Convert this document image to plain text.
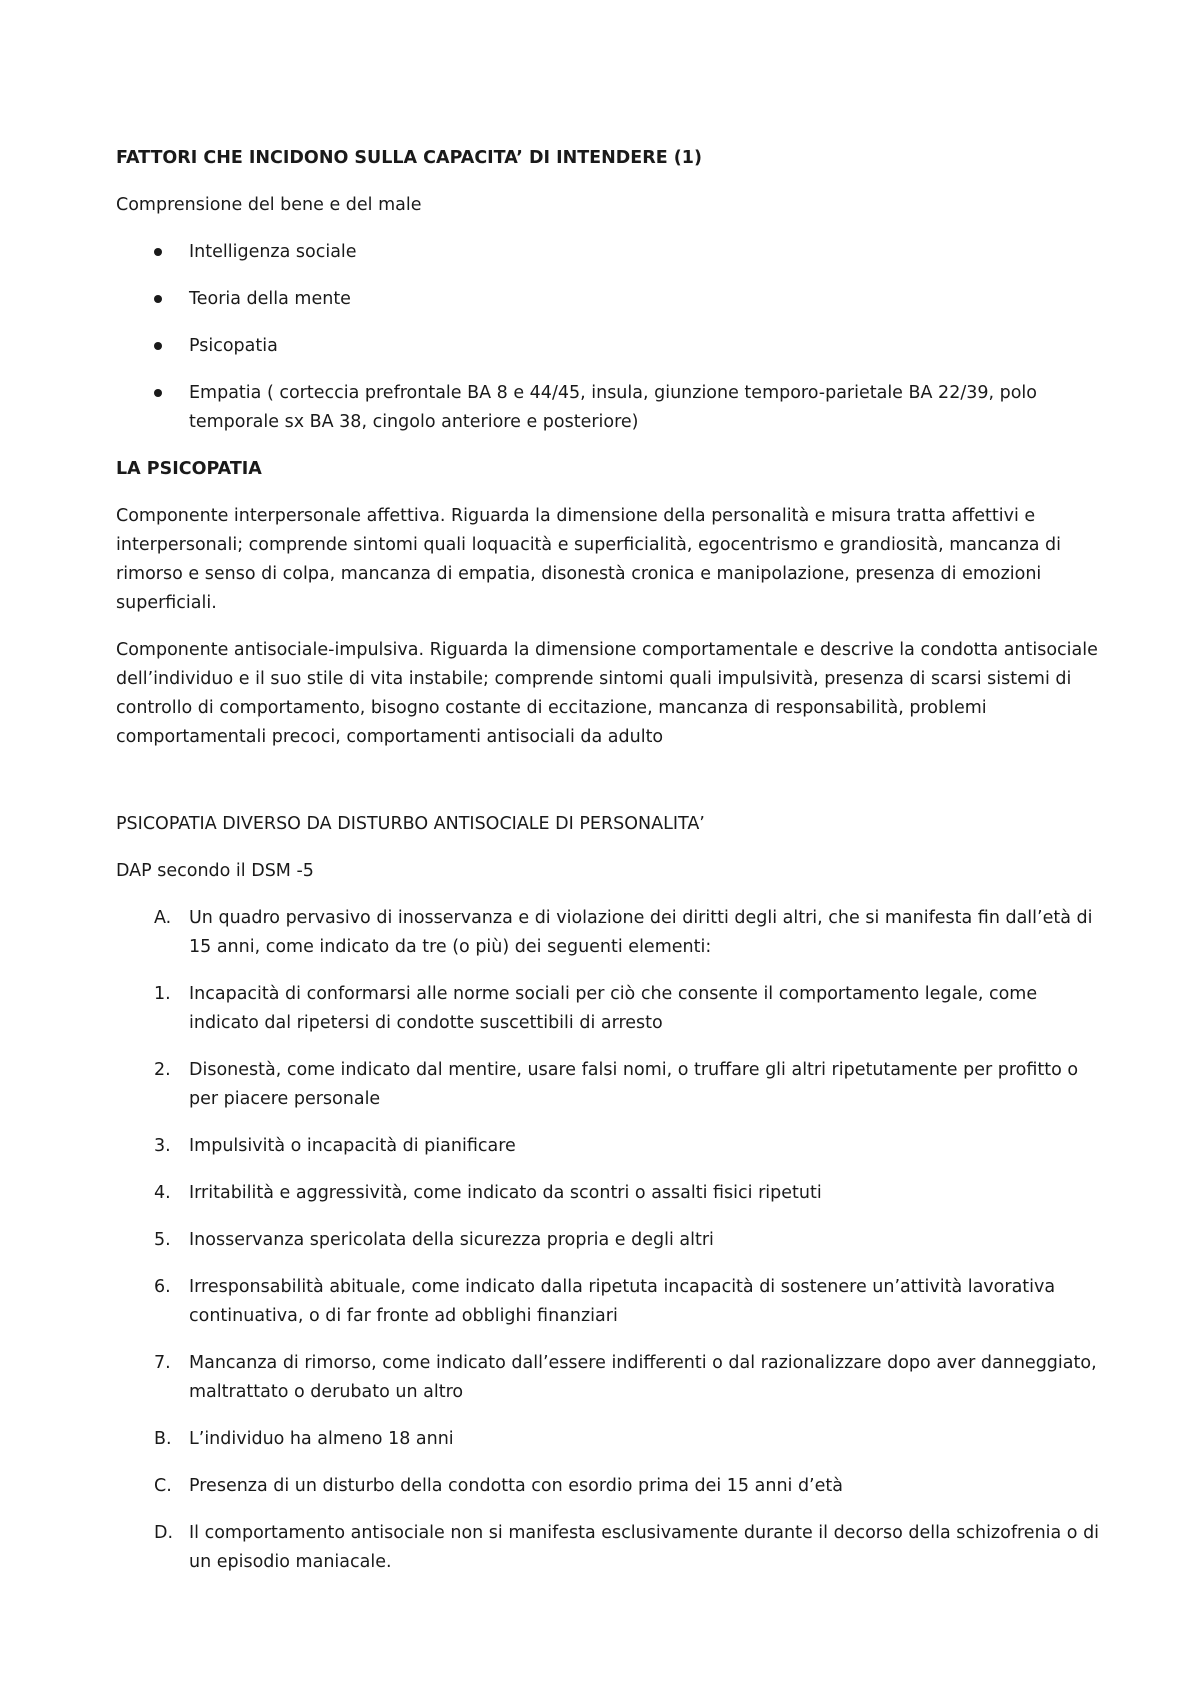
FATTORI CHE INCIDONO SULLA CAPACITA’ DI INTENDERE (1)
Comprensione del bene e del male
Intelligenza sociale
Teoria della mente
Psicopatia
Empatia ( corteccia prefrontale BA 8 e 44/45, insula, giunzione temporo-parietale BA 22/39, polo temporale sx BA 38, cingolo anteriore e posteriore)
LA PSICOPATIA
Componente interpersonale affettiva. Riguarda la dimensione della personalità e misura tratta affettivi e interpersonali; comprende sintomi quali loquacità e superficialità, egocentrismo e grandiosità, mancanza di rimorso e senso di colpa, mancanza di empatia, disonestà cronica e manipolazione, presenza di emozioni superficiali.
Componente antisociale-impulsiva. Riguarda la dimensione comportamentale e descrive la condotta antisociale dell’individuo e il suo stile di vita instabile; comprende sintomi quali impulsività, presenza di scarsi sistemi di controllo di comportamento, bisogno costante di eccitazione, mancanza di responsabilità, problemi comportamentali precoci, comportamenti antisociali da adulto
PSICOPATIA DIVERSO DA DISTURBO ANTISOCIALE DI PERSONALITA’
DAP secondo il DSM -5
A.	Un quadro pervasivo di inosservanza e di violazione dei diritti degli altri, che si manifesta fin dall’età di 15 anni, come indicato da tre (o più) dei seguenti elementi:
1.	Incapacità di conformarsi alle norme sociali per ciò che consente il comportamento legale, come indicato dal ripetersi di condotte suscettibili di arresto
2.	Disonestà, come indicato dal mentire, usare falsi nomi, o truffare gli altri ripetutamente per profitto o per piacere personale
3.	Impulsività o incapacità di pianificare
4.	Irritabilità e aggressività, come indicato da scontri o assalti fisici ripetuti
5.	Inosservanza spericolata della sicurezza propria e degli altri
6.	Irresponsabilità abituale, come indicato dalla ripetuta incapacità di sostenere un’attività lavorativa continuativa, o di far fronte ad obblighi finanziari
7.	Mancanza di rimorso, come indicato dall’essere indifferenti o dal razionalizzare dopo aver danneggiato, maltrattato o derubato un altro
B. L’individuo ha almeno 18 anni
C. Presenza di un disturbo della condotta con esordio prima dei 15 anni d’età
D. Il comportamento antisociale non si manifesta esclusivamente durante il decorso della schizofrenia o di un episodio maniacale.
